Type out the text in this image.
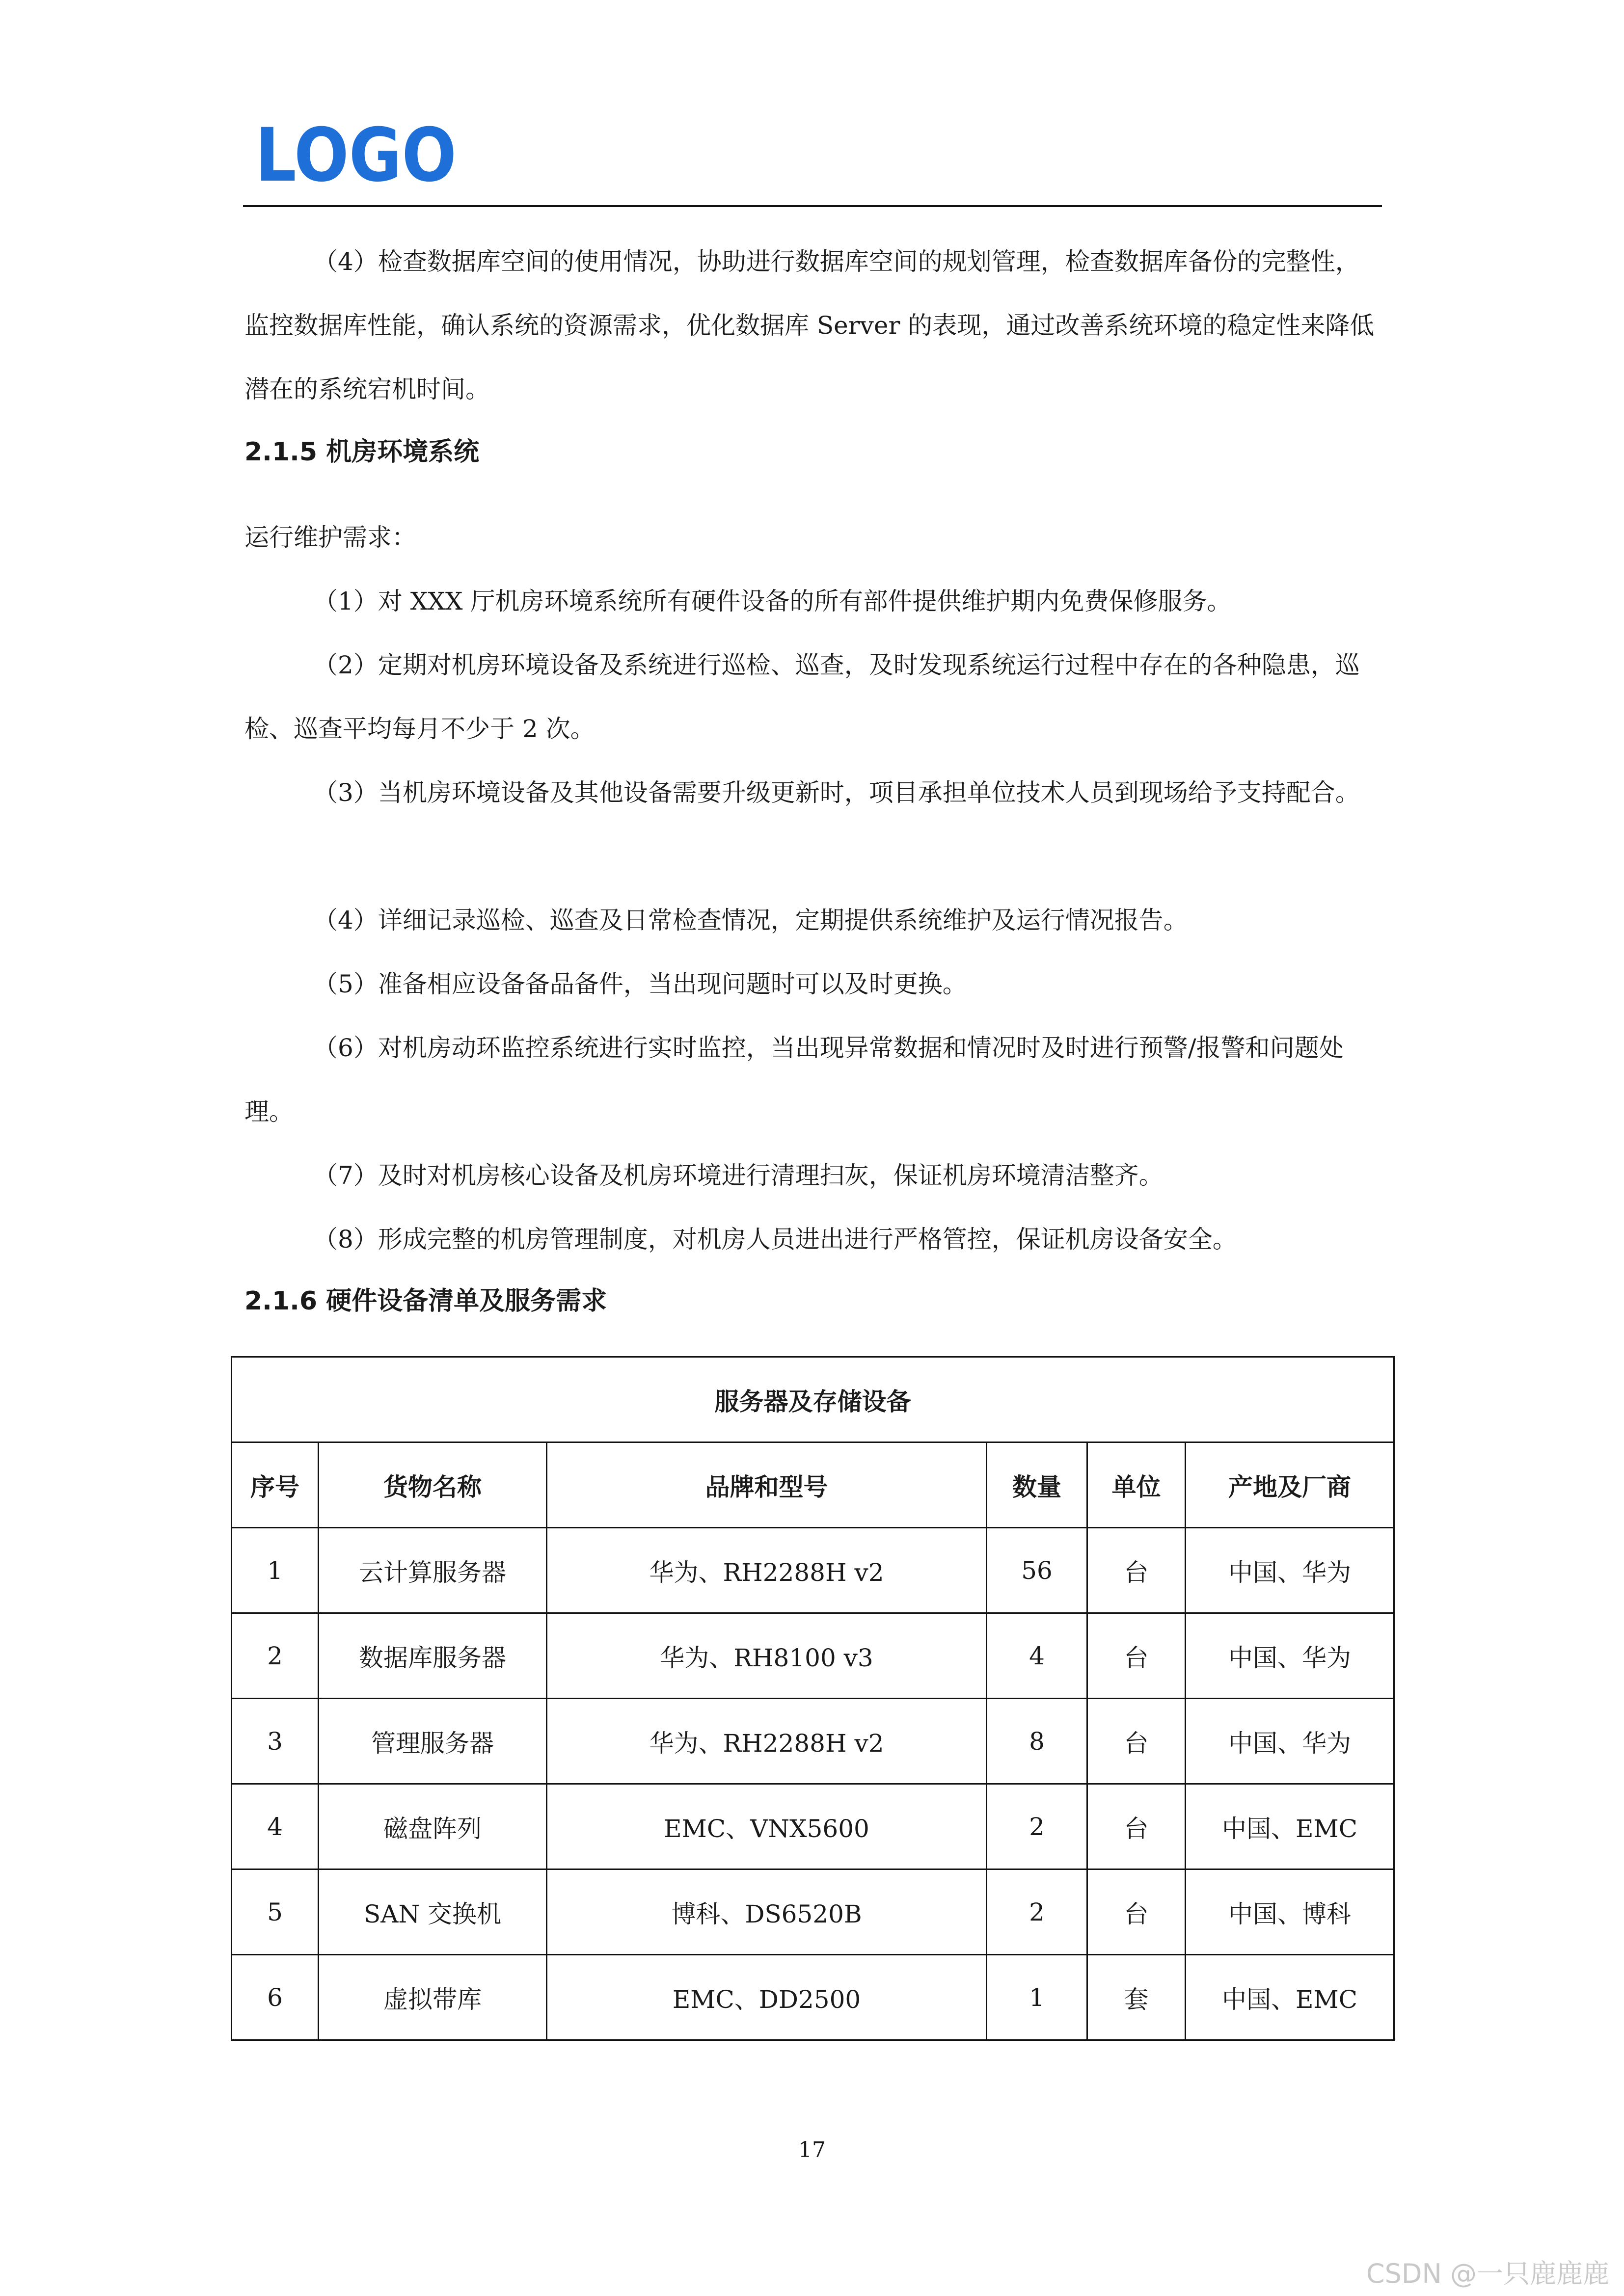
LOGO

（4）检查数据库空间的使用情况，协助进行数据库空间的规划管理，检查数据库备份的完整性，监控数据库性能，确认系统的资源需求，优化数据库 Server 的表现，通过改善系统环境的稳定性来降低潜在的系统宕机时间。

2.1.5 机房环境系统

运行维护需求：

（1）对 XXX 厅机房环境系统所有硬件设备的所有部件提供维护期内免费保修服务。

（2）定期对机房环境设备及系统进行巡检、巡查，及时发现系统运行过程中存在的各种隐患，巡检、巡查平均每月不少于 2 次。

（3）当机房环境设备及其他设备需要升级更新时，项目承担单位技术人员到现场给予支持配合。

（4）详细记录巡检、巡查及日常检查情况，定期提供系统维护及运行情况报告。

（5）准备相应设备备品备件，当出现问题时可以及时更换。

（6）对机房动环监控系统进行实时监控，当出现异常数据和情况时及时进行预警/报警和问题处理。

（7）及时对机房核心设备及机房环境进行清理扫灰，保证机房环境清洁整齐。

（8）形成完整的机房管理制度，对机房人员进出进行严格管控，保证机房设备安全。

2.1.6 硬件设备清单及服务需求
服务器及存储设备					
序号	货物名称	品牌和型号	数量	单位	产地及厂商
1	云计算服务器	华为、RH2288H v2	56	台	中国、华为
2	数据库服务器	华为、RH8100 v3	4	台	中国、华为
3	管理服务器	华为、RH2288H v2	8	台	中国、华为
4	磁盘阵列	EMC、VNX5600	2	台	中国、EMC
5	SAN 交换机	博科、DS6520B	2	台	中国、博科
6	虚拟带库	EMC、DD2500	1	套	中国、EMC
17
CSDN @一只鹿鹿鹿
